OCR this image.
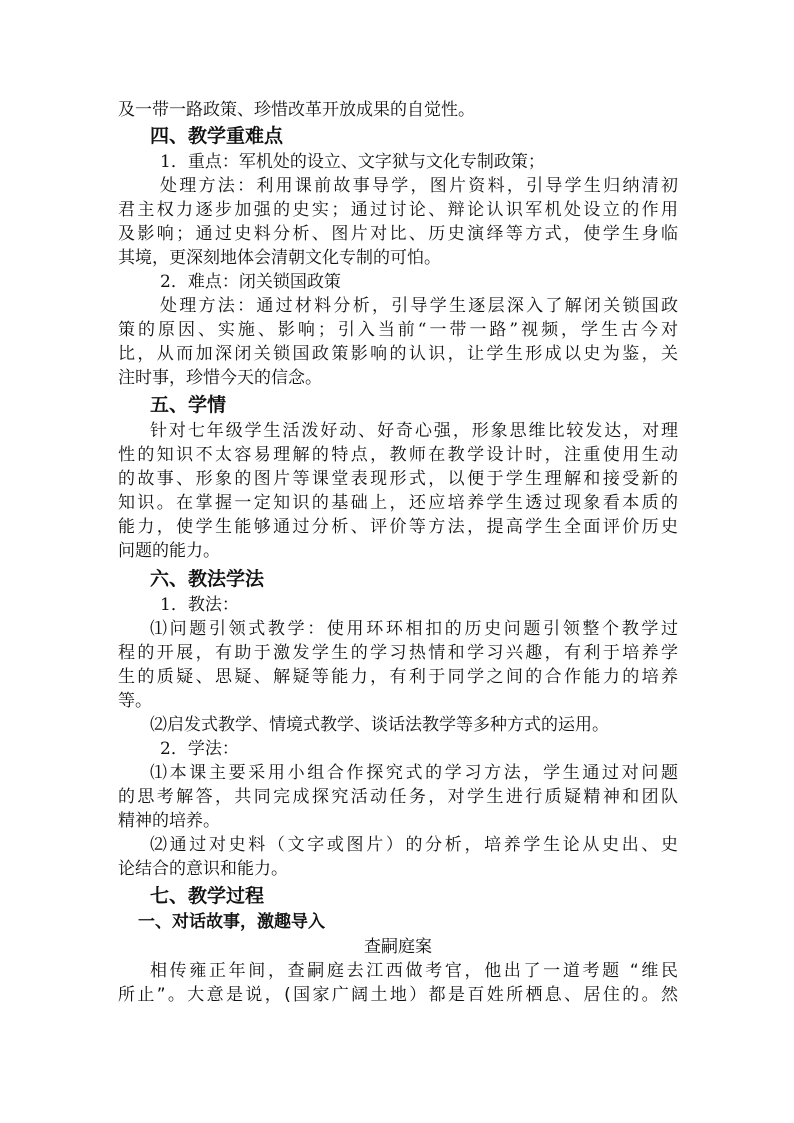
及一带一路政策、珍惜改革开放成果的自觉性。
四、教学重难点
1．重点：军机处的设立、文字狱与文化专制政策；
处理方法：利用课前故事导学，图片资料，引导学生归纳清初
君主权力逐步加强的史实；通过讨论、辩论认识军机处设立的作用
及影响；通过史料分析、图片对比、历史演绎等方式，使学生身临
其境，更深刻地体会清朝文化专制的可怕。
2．难点：闭关锁国政策
处理方法：通过材料分析，引导学生逐层深入了解闭关锁国政
策的原因、实施、影响；引入当前“一带一路”视频，学生古今对
比，从而加深闭关锁国政策影响的认识，让学生形成以史为鉴，关
注时事，珍惜今天的信念。
五、学情
针对七年级学生活泼好动、好奇心强，形象思维比较发达，对理
性的知识不太容易理解的特点，教师在教学设计时，注重使用生动
的故事、形象的图片等课堂表现形式，以便于学生理解和接受新的
知识。在掌握一定知识的基础上，还应培养学生透过现象看本质的
能力，使学生能够通过分析、评价等方法，提高学生全面评价历史
问题的能力。
六、教法学法
1．教法：
⑴问题引领式教学：使用环环相扣的历史问题引领整个教学过
程的开展，有助于激发学生的学习热情和学习兴趣，有利于培养学
生的质疑、思疑、解疑等能力，有利于同学之间的合作能力的培养
等。
⑵启发式教学、情境式教学、谈话法教学等多种方式的运用。
2．学法：
⑴本课主要采用小组合作探究式的学习方法，学生通过对问题
的思考解答，共同完成探究活动任务，对学生进行质疑精神和团队
精神的培养。
⑵通过对史料（文字或图片）的分析，培养学生论从史出、史
论结合的意识和能力。
七、教学过程
一、对话故事，激趣导入
查嗣庭案
相传雍正年间，查嗣庭去江西做考官，他出了一道考题 “维民
所止”。大意是说，(国家广阔土地）都是百姓所栖息、居住的。然
